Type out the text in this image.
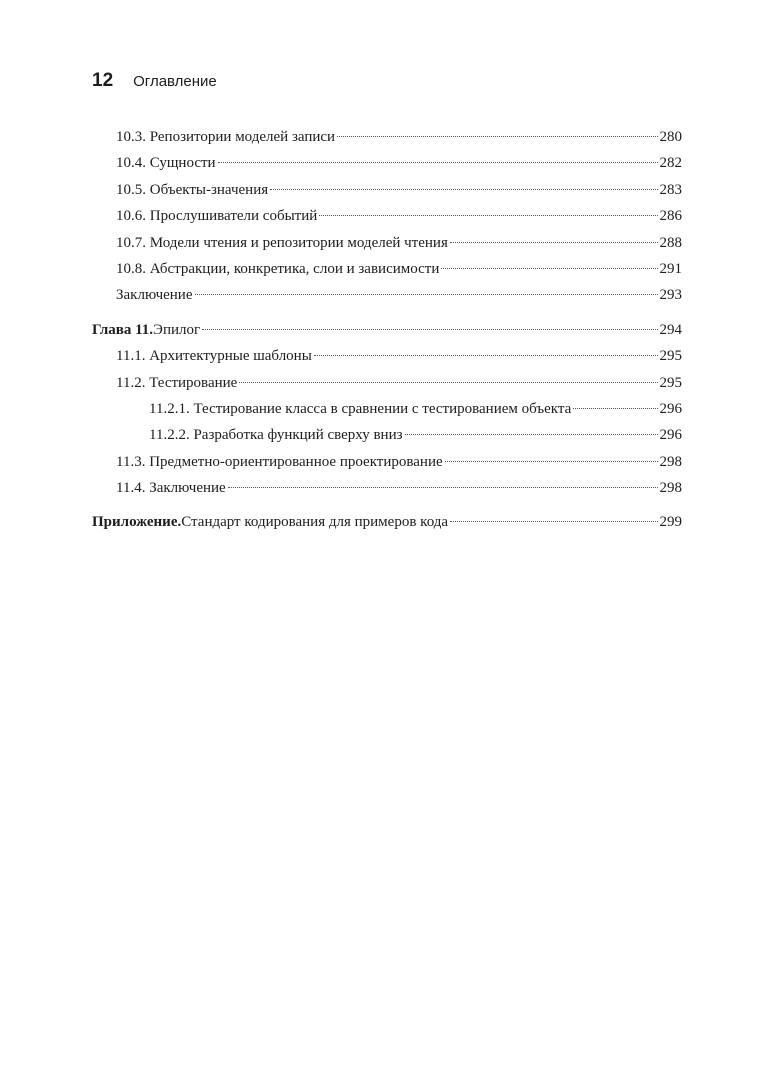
12 Оглавление
10.3. Репозитории моделей записи	280
10.4. Сущности	282
10.5. Объекты-значения	283
10.6. Прослушиватели событий	286
10.7. Модели чтения и репозитории моделей чтения	288
10.8. Абстракции, конкретика, слои и зависимости	291
Заключение	293
Глава 11. Эпилог	294
11.1. Архитектурные шаблоны	295
11.2. Тестирование	295
11.2.1. Тестирование класса в сравнении с тестированием объекта	296
11.2.2. Разработка функций сверху вниз	296
11.3. Предметно-ориентированное проектирование	298
11.4. Заключение	298
Приложение. Стандарт кодирования для примеров кода	299
